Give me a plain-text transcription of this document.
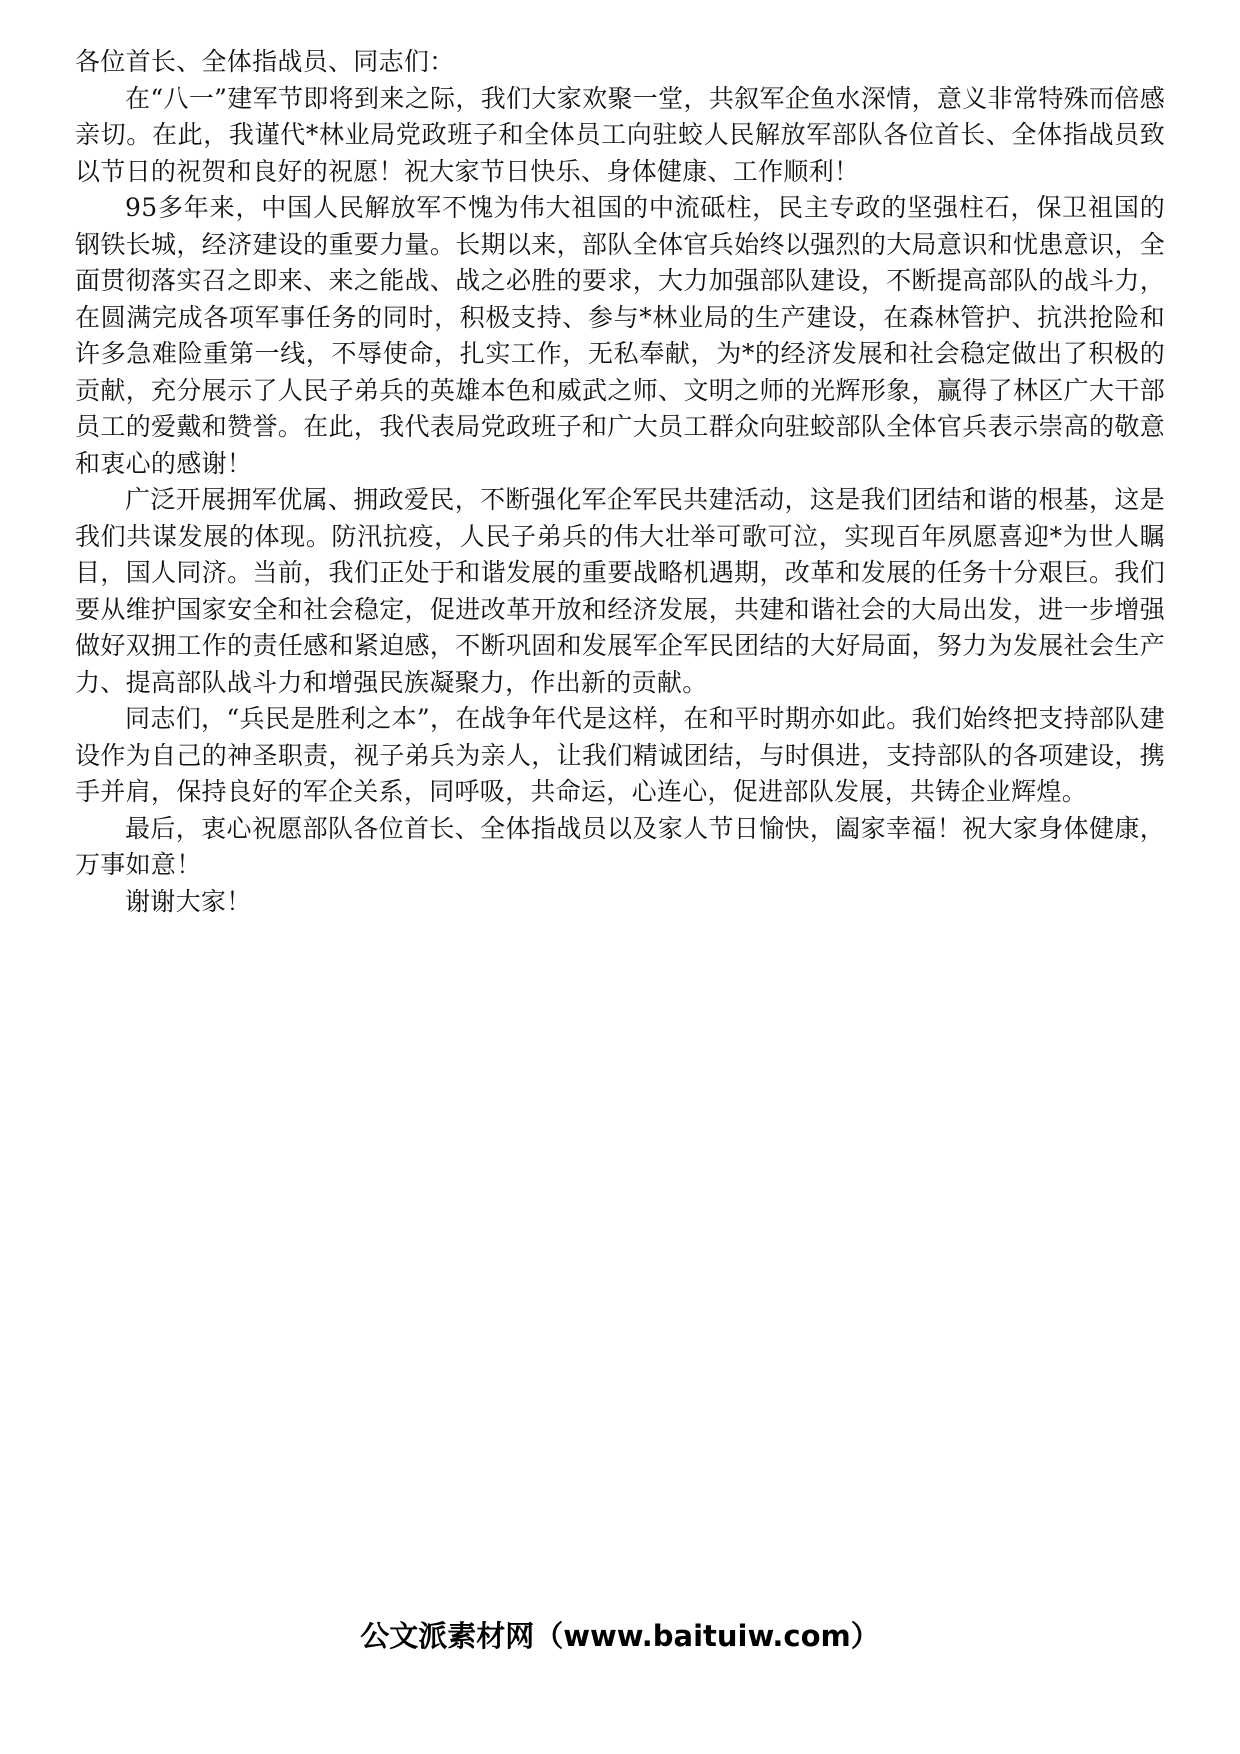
各位首长、全体指战员、同志们：

在“八一”建军节即将到来之际，我们大家欢聚一堂，共叙军企鱼水深情，意义非常特殊而倍感亲切。在此，我谨代*林业局党政班子和全体员工向驻蛟人民解放军部队各位首长、全体指战员致以节日的祝贺和良好的祝愿！祝大家节日快乐、身体健康、工作顺利！

95多年来，中国人民解放军不愧为伟大祖国的中流砥柱，民主专政的坚强柱石，保卫祖国的钢铁长城，经济建设的重要力量。长期以来，部队全体官兵始终以强烈的大局意识和忧患意识，全面贯彻落实召之即来、来之能战、战之必胜的要求，大力加强部队建设，不断提高部队的战斗力，在圆满完成各项军事任务的同时，积极支持、参与*林业局的生产建设，在森林管护、抗洪抢险和许多急难险重第一线，不辱使命，扎实工作，无私奉献，为*的经济发展和社会稳定做出了积极的贡献，充分展示了人民子弟兵的英雄本色和威武之师、文明之师的光辉形象，赢得了林区广大干部员工的爱戴和赞誉。在此，我代表局党政班子和广大员工群众向驻蛟部队全体官兵表示崇高的敬意和衷心的感谢！

广泛开展拥军优属、拥政爱民，不断强化军企军民共建活动，这是我们团结和谐的根基，这是我们共谋发展的体现。防汛抗疫，人民子弟兵的伟大壮举可歌可泣，实现百年夙愿喜迎*为世人瞩目，国人同济。当前，我们正处于和谐发展的重要战略机遇期，改革和发展的任务十分艰巨。我们要从维护国家安全和社会稳定，促进改革开放和经济发展，共建和谐社会的大局出发，进一步增强做好双拥工作的责任感和紧迫感，不断巩固和发展军企军民团结的大好局面，努力为发展社会生产力、提高部队战斗力和增强民族凝聚力，作出新的贡献。

同志们，“兵民是胜利之本”，在战争年代是这样，在和平时期亦如此。我们始终把支持部队建设作为自己的神圣职责，视子弟兵为亲人，让我们精诚团结，与时俱进，支持部队的各项建设，携手并肩，保持良好的军企关系，同呼吸，共命运，心连心，促进部队发展，共铸企业辉煌。

最后，衷心祝愿部队各位首长、全体指战员以及家人节日愉快，阖家幸福！祝大家身体健康，万事如意！

谢谢大家！

公文派素材网（www.baituiw.com）
